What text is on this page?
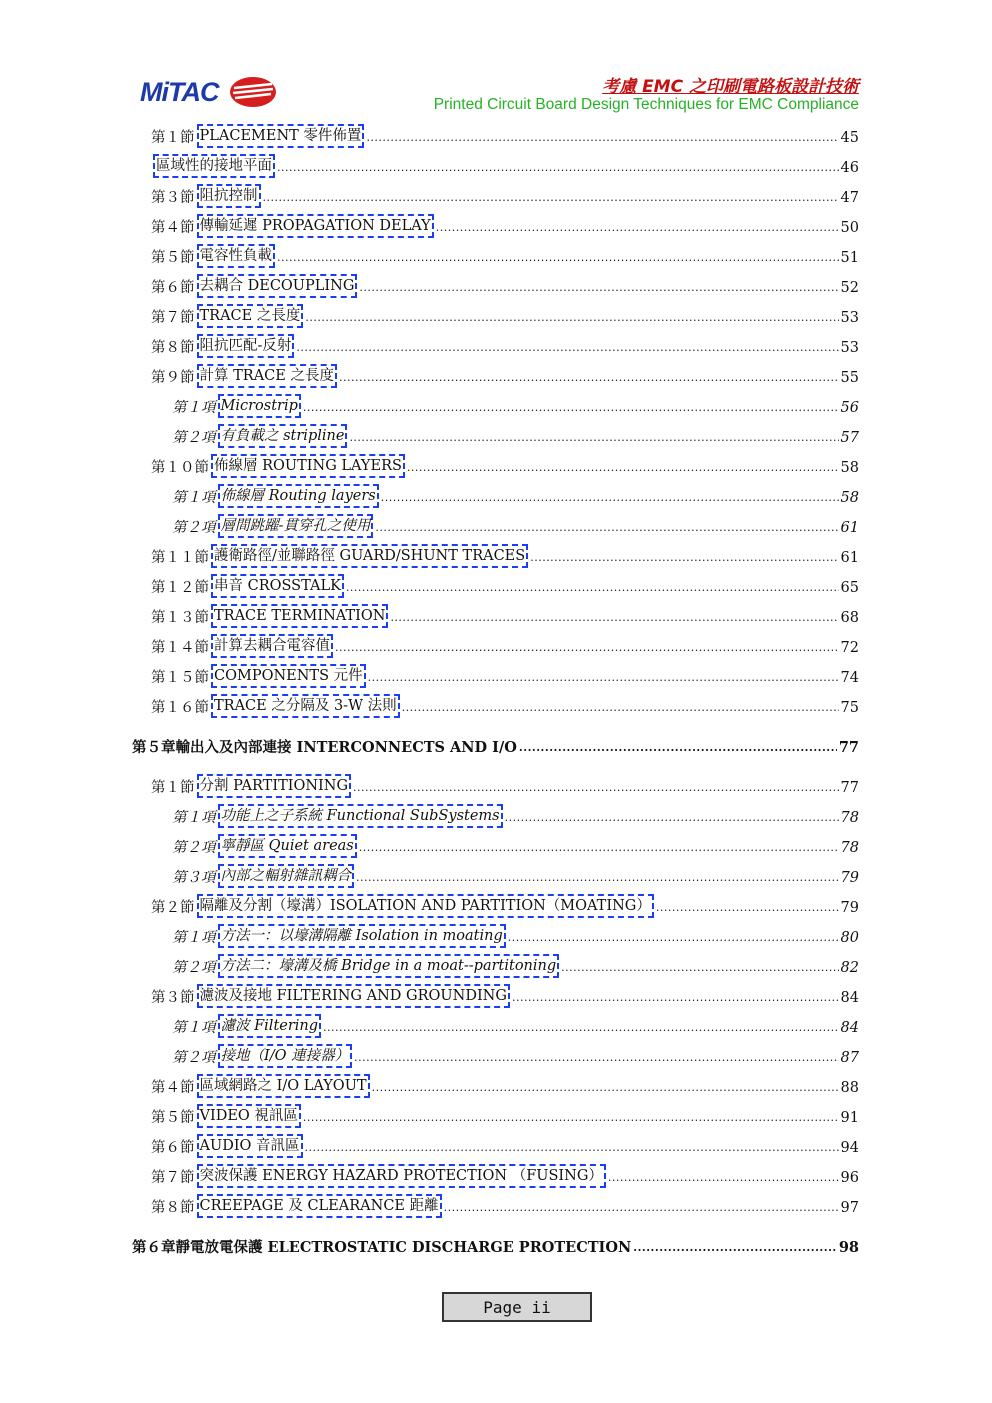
MiTAC	考慮 EMC 之印刷電路板設計技術
Printed Circuit Board Design Techniques for EMC Compliance
第１節 PLACEMENT 零件佈置 .....	45
區域性的接地平面 .....	46
第３節 阻抗控制 .....	47
第４節 傳輸延遲 PROPAGATION DELAY .....	50
第５節 電容性負載 .....	51
第６節 去耦合 DECOUPLING .....	52
第７節 TRACE 之長度 .....	53
第８節 阻抗匹配-反射 .....	53
第９節 計算 TRACE 之長度 .....	55
第１項 Microstrip .....	56
第２項 有負載之 stripline .....	57
第１０節 佈線層 ROUTING LAYERS .....	58
第１項 佈線層 Routing layers .....	58
第２項 層間跳躍-貫穿孔之使用 .....	61
第１１節 護衛路徑/並聯路徑 GUARD/SHUNT TRACES .....	61
第１２節 串音 CROSSTALK .....	65
第１３節 TRACE TERMINATION .....	68
第１４節 計算去耦合電容值 .....	72
第１５節 COMPONENTS 元件 .....	74
第１６節 TRACE 之分隔及 3-W 法則 .....	75
第５章 輸出入及內部連接 INTERCONNECTS AND I/O .....	77
第１節 分割 PARTITIONING .....	77
第１項 功能上之子系統 Functional SubSystems .....	78
第２項 寧靜區 Quiet areas .....	78
第３項 內部之輻射雜訊耦合 .....	79
第２節 隔離及分割（壕溝）ISOLATION AND PARTITION（MOATING） .....	79
第１項 方法一：以壕溝隔離 Isolation in moating .....	80
第２項 方法二：壕溝及橋 Bridge in a moat--partitoning .....	82
第３節 濾波及接地 FILTERING AND GROUNDING .....	84
第１項 濾波 Filtering .....	84
第２項 接地（I/O 連接器） .....	87
第４節 區域網路之 I/O LAYOUT .....	88
第５節 VIDEO 視訊區 .....	91
第６節 AUDIO 音訊區 .....	94
第７節 突波保護 ENERGY HAZARD PROTECTION （FUSING） .....	96
第８節 CREEPAGE 及 CLEARANCE 距離 .....	97
第６章 靜電放電保護 ELECTROSTATIC DISCHARGE PROTECTION .....	98
Page ii
